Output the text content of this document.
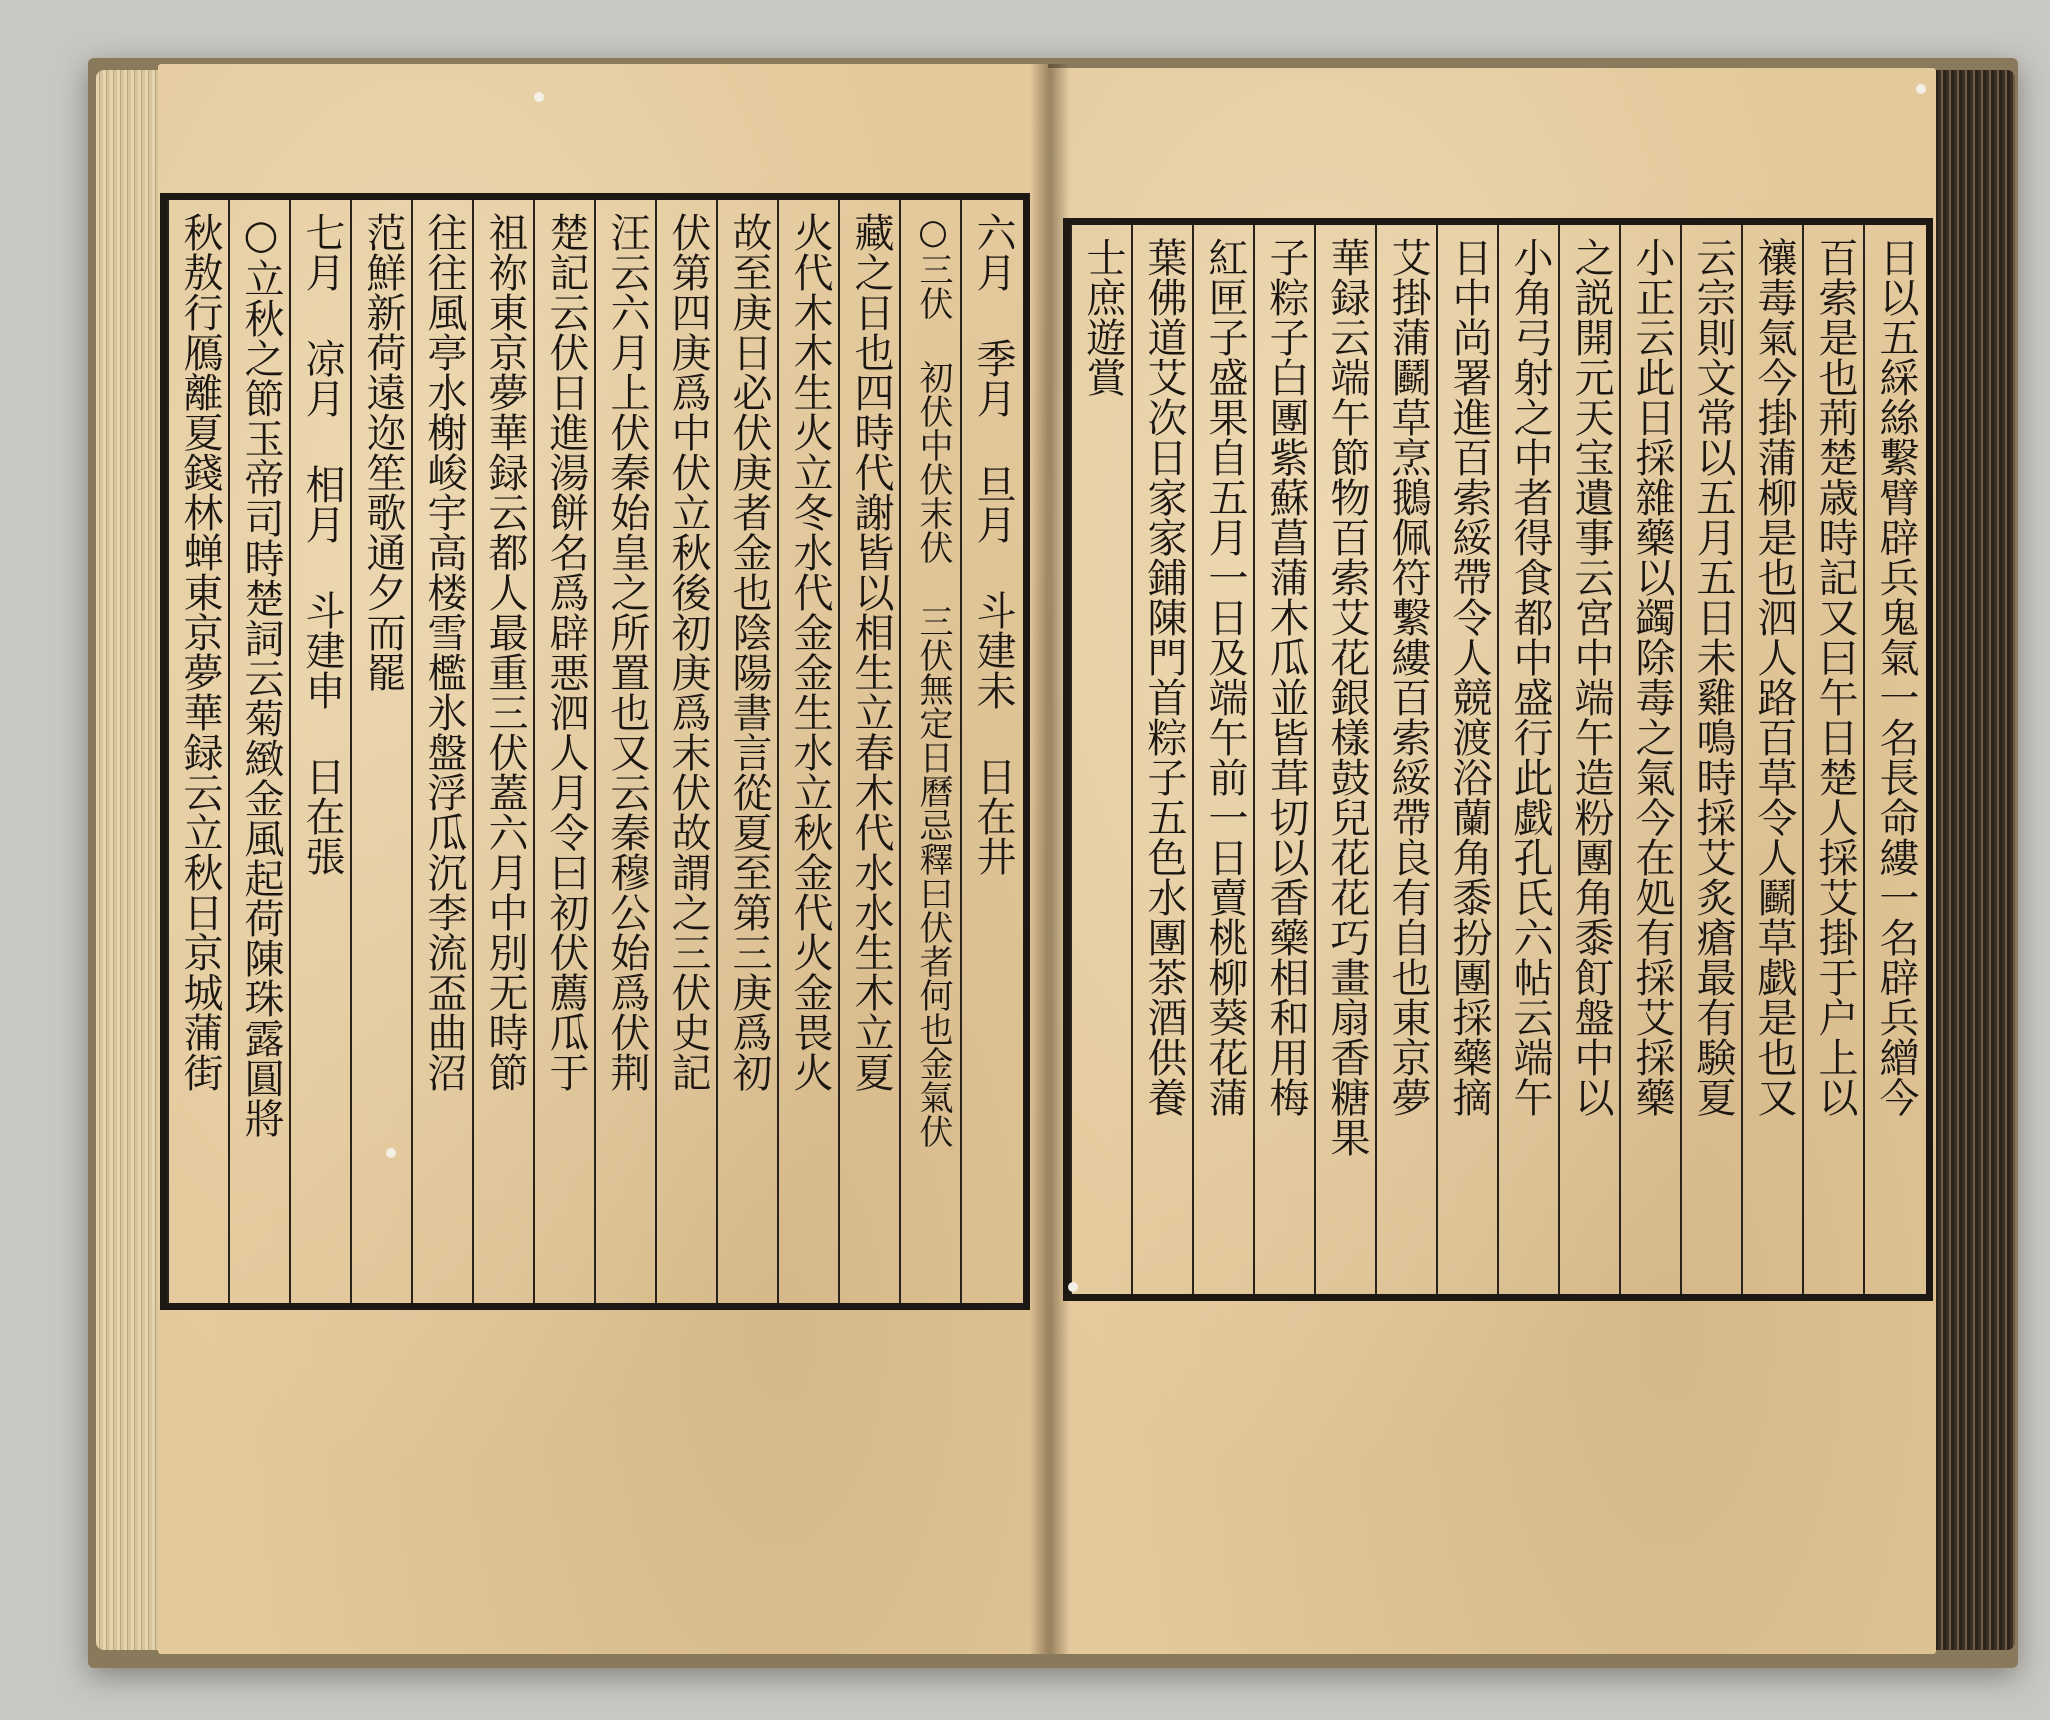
秋敖行鴈離夏錢林蝉東京夢華録云立秋日京城蒲街 ○立秋之節玉帝司時楚詞云菊緻金風起荷陳珠露圓將 七月 凉月 相月 斗建申 日在張 范鮮新荷遠迩笙歌通夕而罷 往往風亭水榭峻宇高楼雪檻氷盤浮瓜沉李流盃曲沼 祖祢東京夢華録云都人最重三伏蓋六月中別无時節 楚記云伏日進湯餅名爲辟悪泗人月令曰初伏薦瓜于 汪云六月上伏秦始皇之所置也又云秦穆公始爲伏荆 伏第四庚爲中伏立秋後初庚爲末伏故謂之三伏史記 故至庚日必伏庚者金也陰陽書言從夏至第三庚爲初 火代木木生火立冬水代金金生水立秋金代火金畏火 藏之日也四時代謝皆以相生立春木代水水生木立夏 ○三伏 初伏中伏末伏 三伏無定日曆忌釋曰伏者何也金氣伏 六月 季月 旦月 斗建未 日在井 士庶遊賞 葉佛道艾次日家家鋪陳門首粽子五色水團茶酒供養 紅匣子盛果自五月一日及端午前一日賣桃柳葵花蒲 子粽子白團紫蘇菖蒲木瓜並皆茸切以香藥相和用梅 華録云端午節物百索艾花銀樣鼓兒花花巧畫扇香糖果 艾掛蒲鬬草烹鵝佩符繫縷百索綏帶良有自也東京夢 日中尚署進百索綏帶令人競渡浴蘭角黍扮團採藥摘 小角弓射之中者得食都中盛行此戯孔氏六帖云端午 之説開元天宝遺事云宮中端午造粉團角黍飣盤中以 小正云此日採雜藥以蠲除毒之氣今在処有採艾採藥 云宗則文常以五月五日未雞鳴時採艾炙瘡最有験夏 禳毒氣今掛蒲柳是也泗人路百草令人鬬草戯是也又 百索是也荊楚歳時記又曰午日楚人採艾掛于户上以 日以五綵絲繫臂辟兵鬼氣一名長命縷一名辟兵繒今
